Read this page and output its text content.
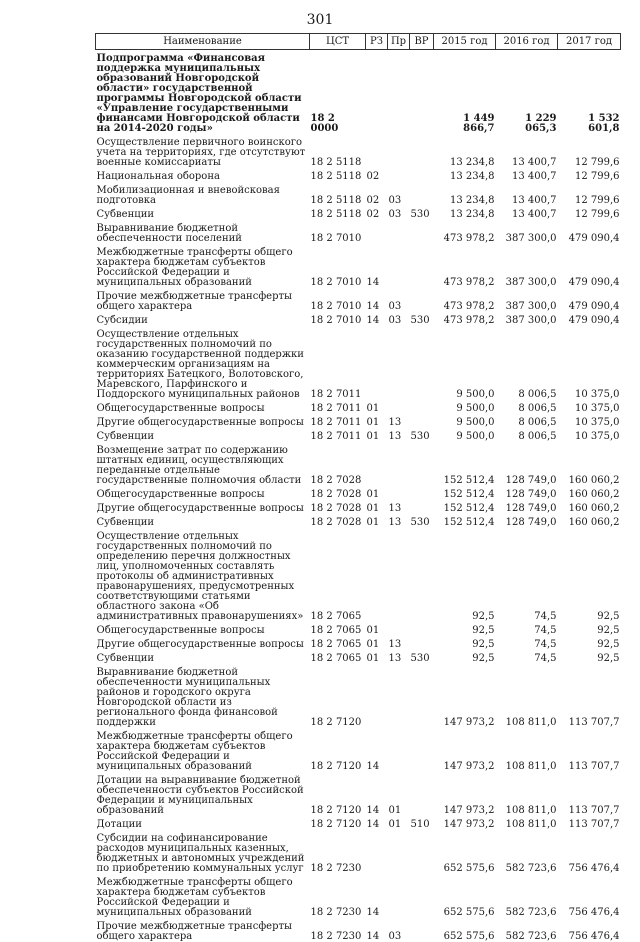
301
Наименование	ЦСТ	РЗ	Пр	ВР	2015 год	2016 год	2017 год
Подпрограмма «Финансовая поддержка муниципальных образований Новгородской области» государственной программы Новгородской области «Управление государственными финансами Новгородской области на 2014-2020 годы»	18 2 0000				1 449 866,7	1 229 065,3	1 532 601,8
Осуществление первичного воинского учета на территориях, где отсутствуют военные комиссариаты	18 2 5118				13 234,8	13 400,7	12 799,6
Национальная оборона	18 2 5118	02			13 234,8	13 400,7	12 799,6
Мобилизационная и вневойсковая подготовка	18 2 5118	02	03		13 234,8	13 400,7	12 799,6
Субвенции	18 2 5118	02	03	530	13 234,8	13 400,7	12 799,6
Выравнивание бюджетной обеспеченности поселений	18 2 7010				473 978,2	387 300,0	479 090,4
Межбюджетные трансферты общего характера бюджетам субъектов Российской Федерации и муниципальных образований	18 2 7010	14			473 978,2	387 300,0	479 090,4
Прочие межбюджетные трансферты общего характера	18 2 7010	14	03		473 978,2	387 300,0	479 090,4
Субсидии	18 2 7010	14	03	530	473 978,2	387 300,0	479 090,4
Осуществление отдельных государственных полномочий по оказанию государственной поддержки коммерческим организациям на территориях Батецкого, Волотовского, Маревского, Парфинского и Поддорского муниципальных районов	18 2 7011				9 500,0	8 006,5	10 375,0
Общегосударственные вопросы	18 2 7011	01			9 500,0	8 006,5	10 375,0
Другие общегосударственные вопросы	18 2 7011	01	13		9 500,0	8 006,5	10 375,0
Субвенции	18 2 7011	01	13	530	9 500,0	8 006,5	10 375,0
Возмещение затрат по содержанию штатных единиц, осуществляющих переданные отдельные государственные полномочия области	18 2 7028				152 512,4	128 749,0	160 060,2
Общегосударственные вопросы	18 2 7028	01			152 512,4	128 749,0	160 060,2
Другие общегосударственные вопросы	18 2 7028	01	13		152 512,4	128 749,0	160 060,2
Субвенции	18 2 7028	01	13	530	152 512,4	128 749,0	160 060,2
Осуществление отдельных государственных полномочий по определению перечня должностных лиц, уполномоченных составлять протоколы об административных правонарушениях, предусмотренных соответствующими статьями областного закона «Об административных правонарушениях»	18 2 7065				92,5	74,5	92,5
Общегосударственные вопросы	18 2 7065	01			92,5	74,5	92,5
Другие общегосударственные вопросы	18 2 7065	01	13		92,5	74,5	92,5
Субвенции	18 2 7065	01	13	530	92,5	74,5	92,5
Выравнивание бюджетной обеспеченности муниципальных районов и городского округа Новгородской области из регионального фонда финансовой поддержки	18 2 7120				147 973,2	108 811,0	113 707,7
Межбюджетные трансферты общего характера бюджетам субъектов Российской Федерации и муниципальных образований	18 2 7120	14			147 973,2	108 811,0	113 707,7
Дотации на выравнивание бюджетной обеспеченности субъектов Российской Федерации и муниципальных образований	18 2 7120	14	01		147 973,2	108 811,0	113 707,7
Дотации	18 2 7120	14	01	510	147 973,2	108 811,0	113 707,7
Субсидии на софинансирование расходов муниципальных казенных, бюджетных и автономных учреждений по приобретению коммунальных услуг	18 2 7230				652 575,6	582 723,6	756 476,4
Межбюджетные трансферты общего характера бюджетам субъектов Российской Федерации и муниципальных образований	18 2 7230	14			652 575,6	582 723,6	756 476,4
Прочие межбюджетные трансферты общего характера	18 2 7230	14	03		652 575,6	582 723,6	756 476,4
